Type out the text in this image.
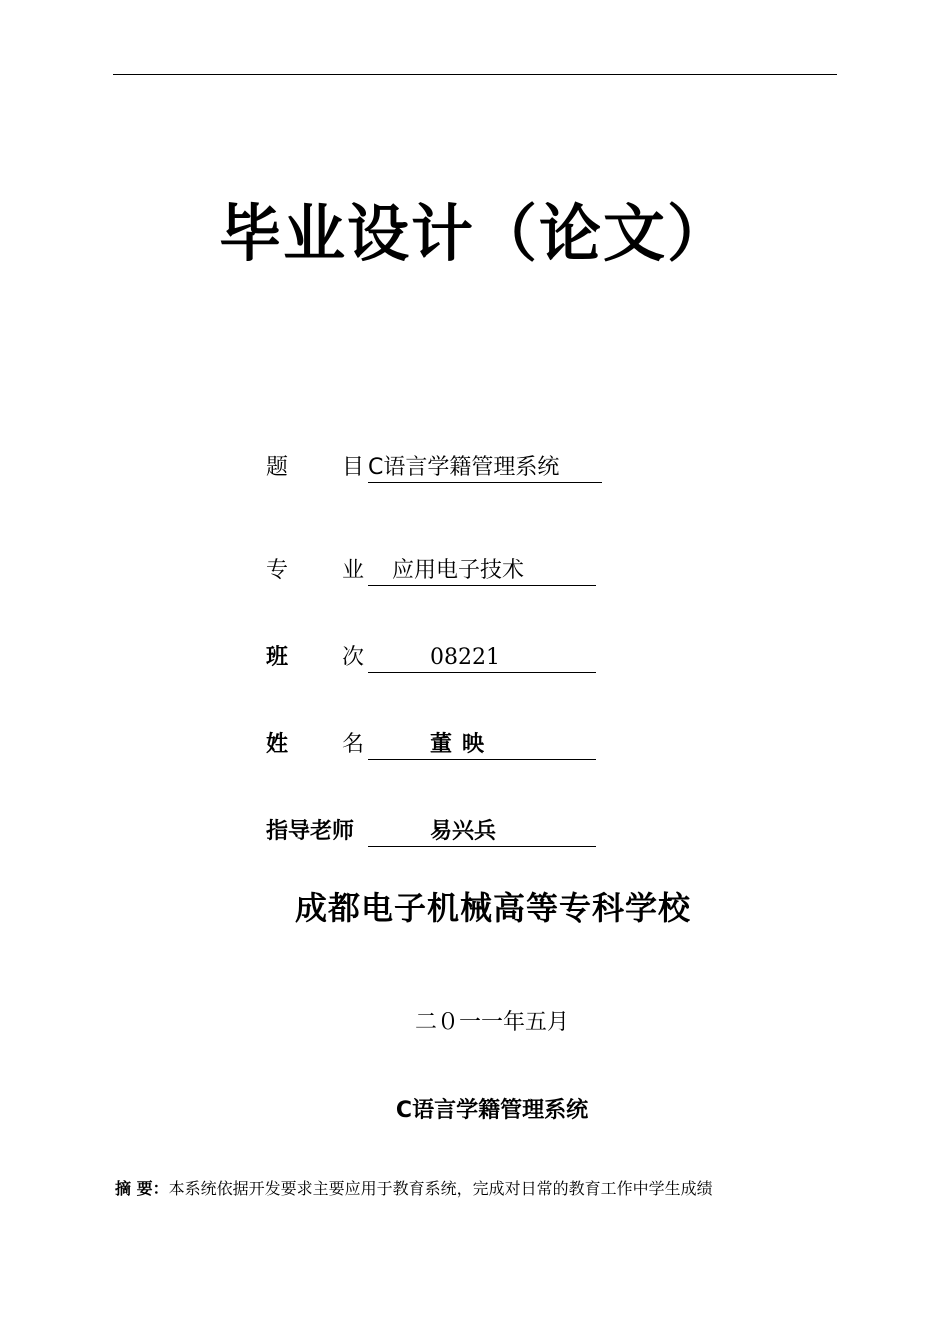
毕业设计（论文）
题 目 C语言学籍管理系统
专 业 应用电子技术
班 次	08221
姓 名	董映
指导老师	易兴兵
成都电子机械高等专科学校
二０一一年五月
C语言学籍管理系统
摘 要：本系统依据开发要求主要应用于教育系统，完成对日常的教育工作中学生成绩
